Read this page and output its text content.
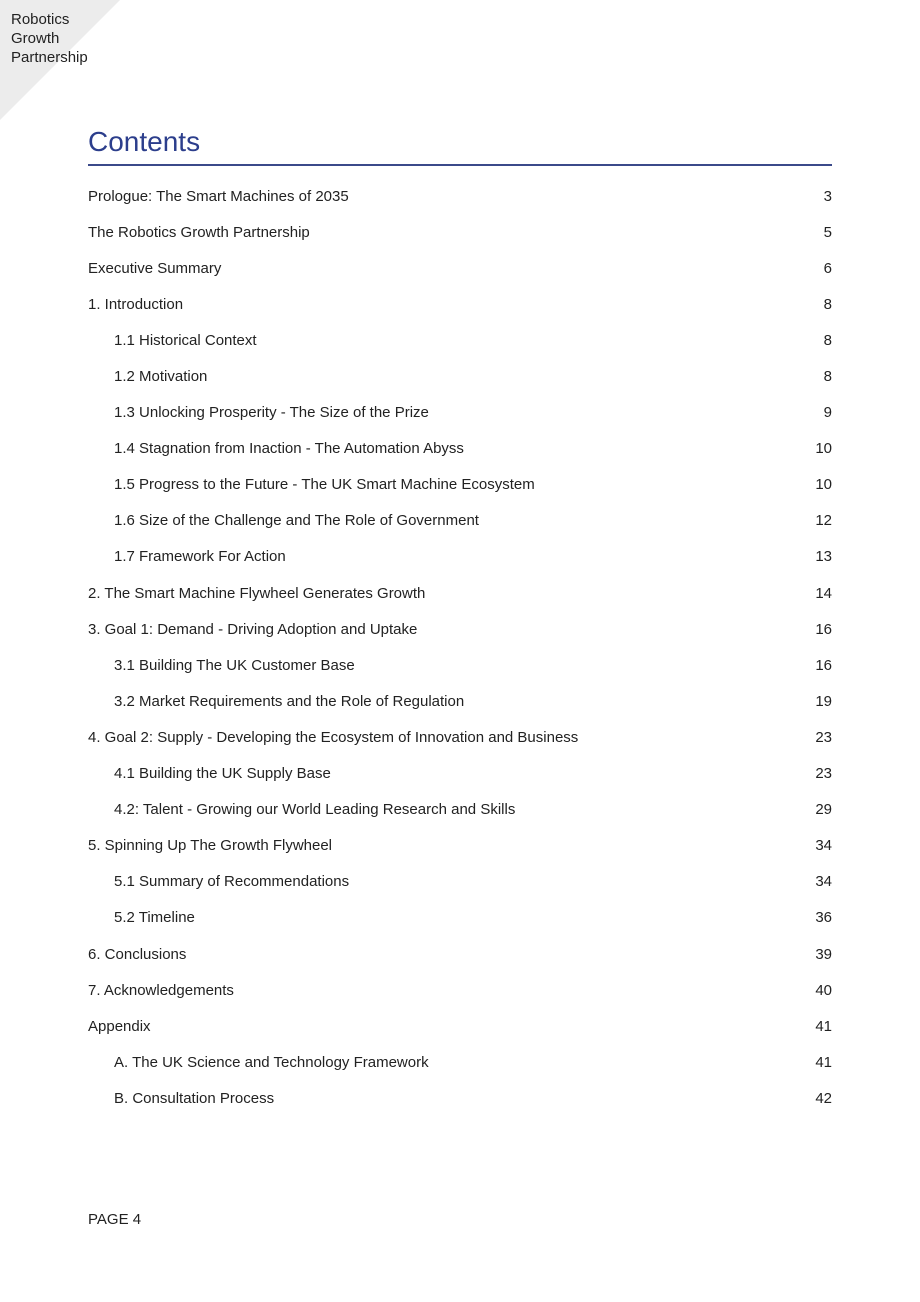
Robotics
Growth
Partnership
Contents
Prologue: The Smart Machines of 2035	3
The Robotics Growth Partnership	5
Executive Summary	6
1. Introduction	8
1.1 Historical Context	8
1.2 Motivation	8
1.3 Unlocking Prosperity - The Size of the Prize	9
1.4 Stagnation from Inaction - The Automation Abyss	10
1.5 Progress to the Future - The UK Smart Machine Ecosystem	10
1.6 Size of the Challenge and The Role of Government	12
1.7 Framework For Action	13
2. The Smart Machine Flywheel Generates Growth	14
3. Goal 1: Demand - Driving Adoption and Uptake	16
3.1 Building The UK Customer Base	16
3.2 Market Requirements and the Role of Regulation	19
4. Goal 2: Supply - Developing the Ecosystem of Innovation and Business	23
4.1 Building the UK Supply Base	23
4.2: Talent - Growing our World Leading Research and Skills	29
5. Spinning Up The Growth Flywheel	34
5.1 Summary of Recommendations	34
5.2 Timeline	36
6. Conclusions	39
7. Acknowledgements	40
Appendix	41
A. The UK Science and Technology Framework	41
B. Consultation Process	42
PAGE 4
